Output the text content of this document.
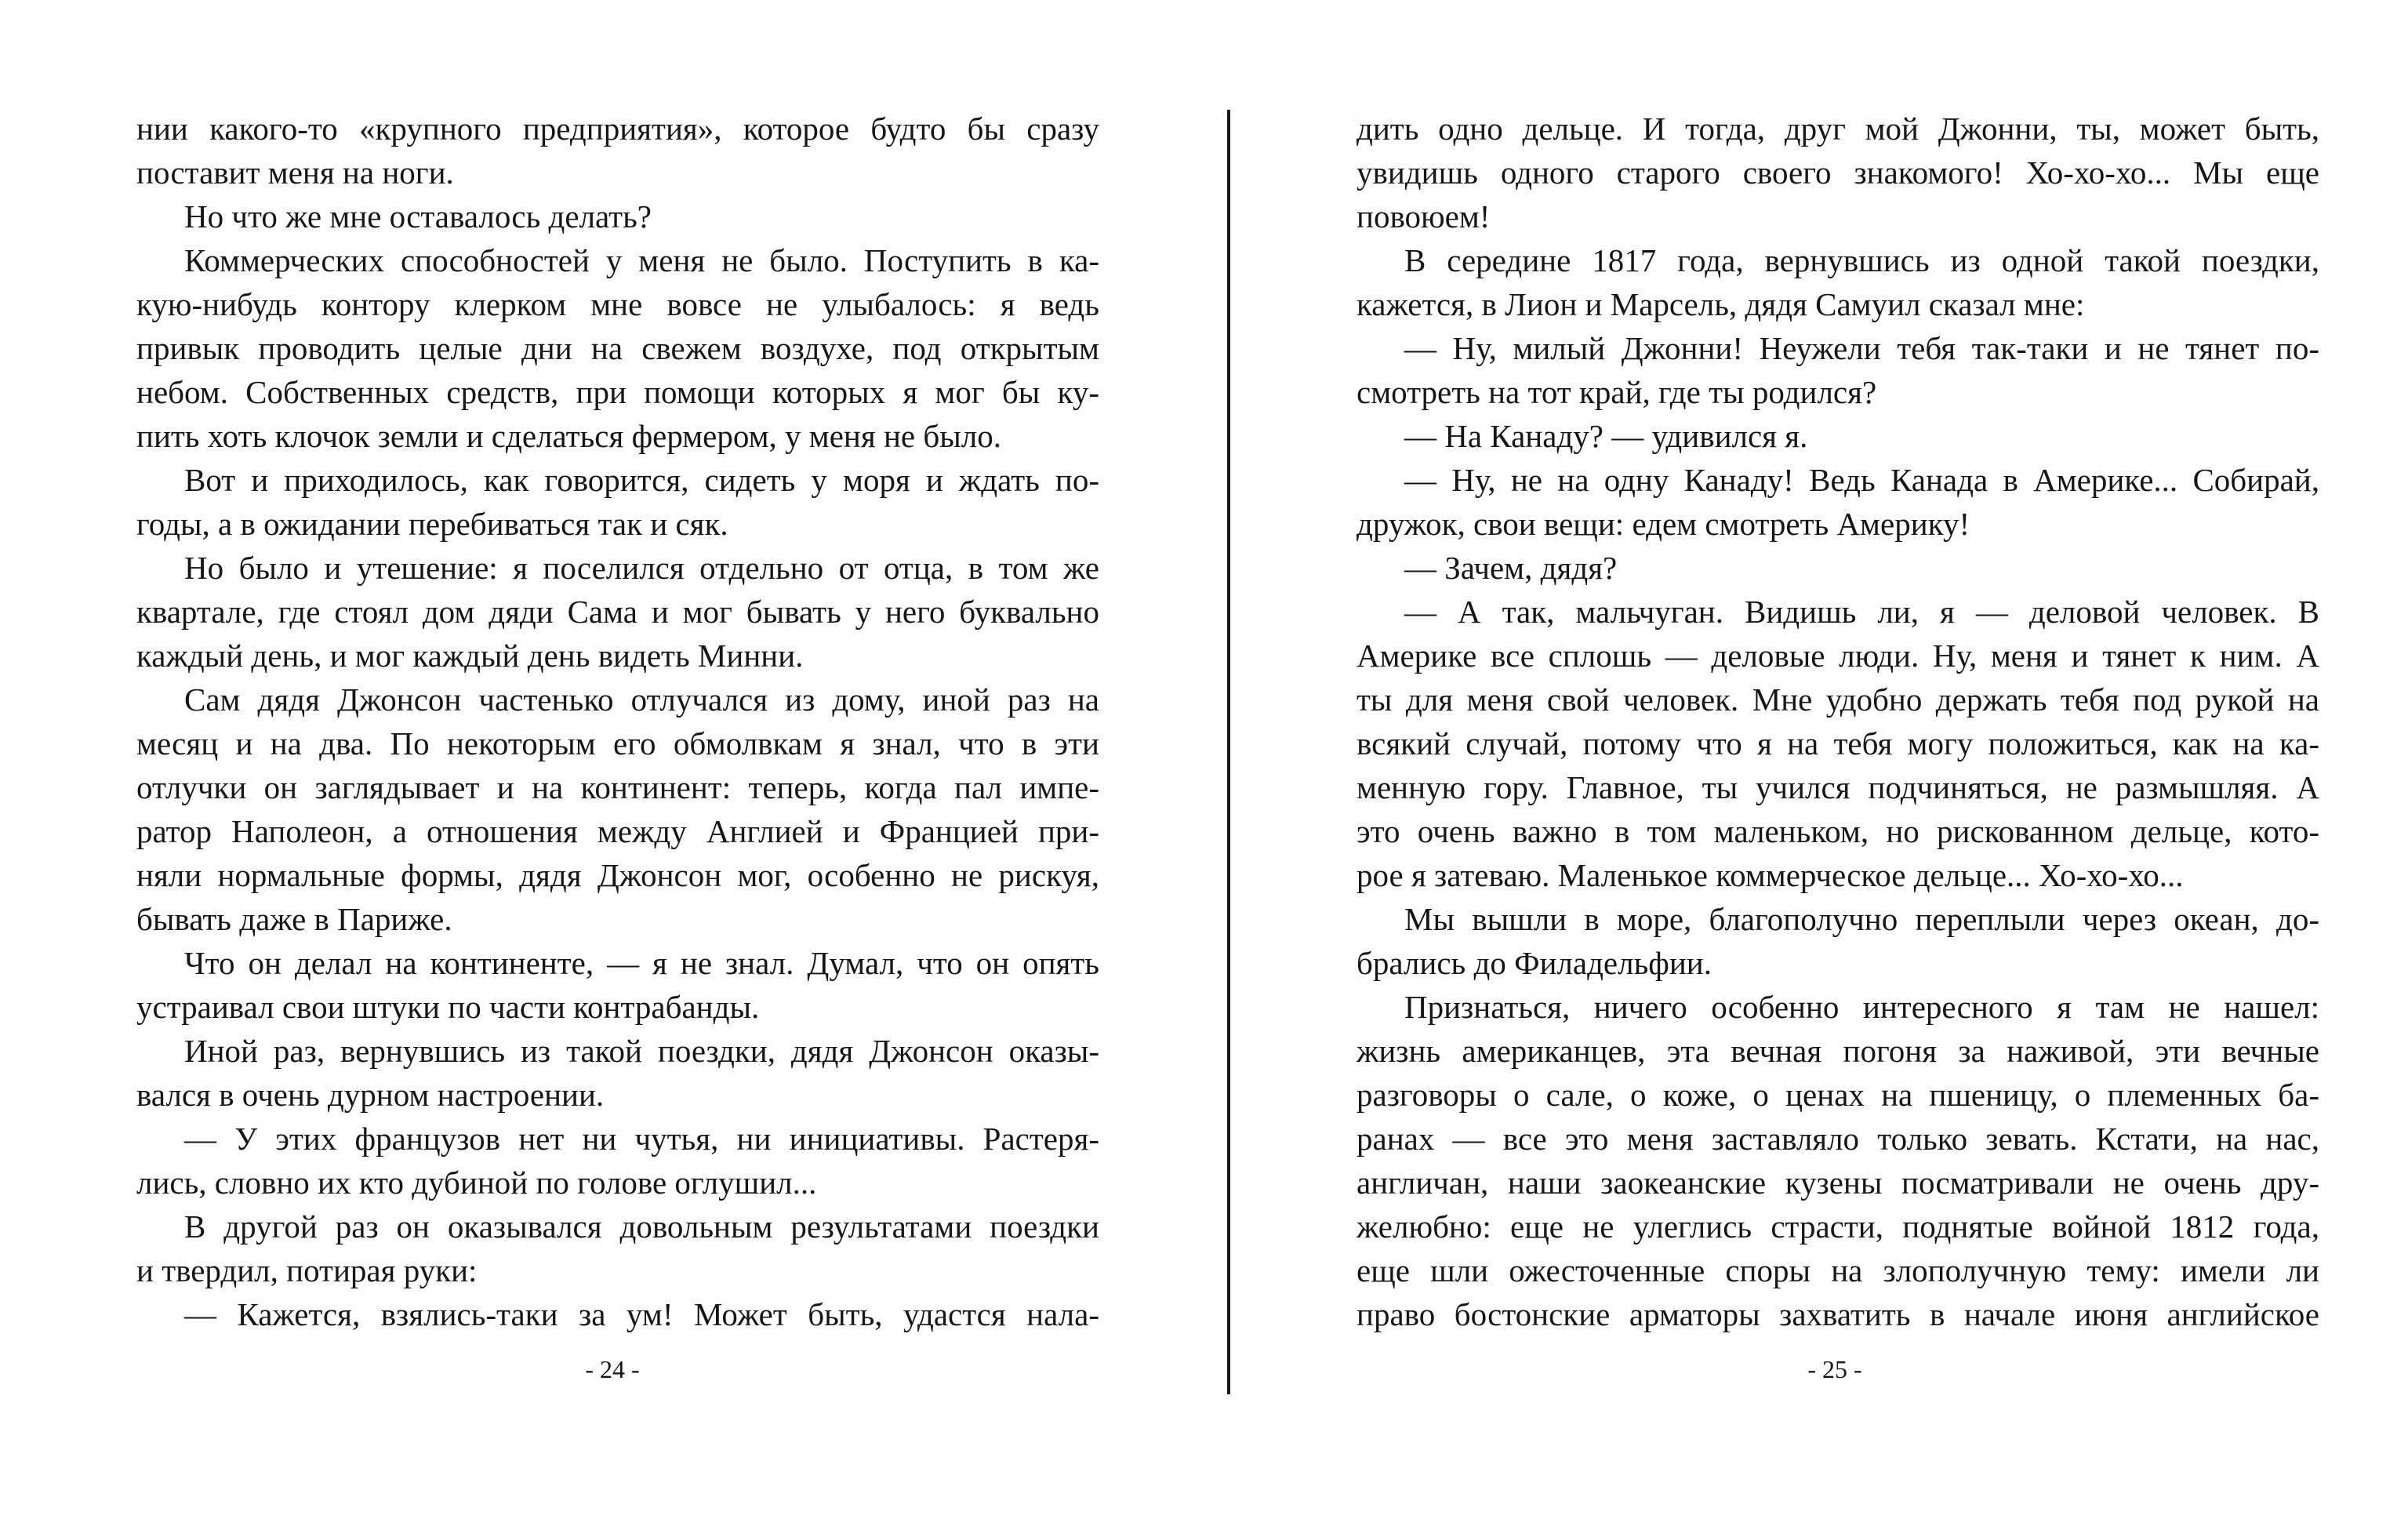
нии какого-то «крупного предприятия», которое будто бы сразу
поставит меня на ноги.
Но что же мне оставалось делать?
Коммерческих способностей у меня не было. Поступить в ка-
кую-нибудь контору клерком мне вовсе не улыбалось: я ведь
привык проводить целые дни на свежем воздухе, под открытым
небом. Собственных средств, при помощи которых я мог бы ку-
пить хоть клочок земли и сделаться фермером, у меня не было.
Вот и приходилось, как говорится, сидеть у моря и ждать по-
годы, а в ожидании перебиваться так и сяк.
Но было и утешение: я поселился отдельно от отца, в том же
квартале, где стоял дом дяди Сама и мог бывать у него буквально
каждый день, и мог каждый день видеть Минни.
Сам дядя Джонсон частенько отлучался из дому, иной раз на
месяц и на два. По некоторым его обмолвкам я знал, что в эти
отлучки он заглядывает и на континент: теперь, когда пал импе-
ратор Наполеон, а отношения между Англией и Францией при-
няли нормальные формы, дядя Джонсон мог, особенно не рискуя,
бывать даже в Париже.
Что он делал на континенте, — я не знал. Думал, что он опять
устраивал свои штуки по части контрабанды.
Иной раз, вернувшись из такой поездки, дядя Джонсон оказы-
вался в очень дурном настроении.
— У этих французов нет ни чутья, ни инициативы. Растеря-
лись, словно их кто дубиной по голове оглушил...
В другой раз он оказывался довольным результатами поездки
и твердил, потирая руки:
— Кажется, взялись-таки за ум! Может быть, удастся нала-
дить одно дельце. И тогда, друг мой Джонни, ты, может быть,
увидишь одного старого своего знакомого! Хо-хо-хо... Мы еще
повоюем!
В середине 1817 года, вернувшись из одной такой поездки,
кажется, в Лион и Марсель, дядя Самуил сказал мне:
— Ну, милый Джонни! Неужели тебя так-таки и не тянет по-
смотреть на тот край, где ты родился?
— На Канаду? — удивился я.
— Ну, не на одну Канаду! Ведь Канада в Америке... Собирай,
дружок, свои вещи: едем смотреть Америку!
— Зачем, дядя?
— А так, мальчуган. Видишь ли, я — деловой человек. В
Америке все сплошь — деловые люди. Ну, меня и тянет к ним. А
ты для меня свой человек. Мне удобно держать тебя под рукой на
всякий случай, потому что я на тебя могу положиться, как на ка-
менную гору. Главное, ты учился подчиняться, не размышляя. А
это очень важно в том маленьком, но рискованном дельце, кото-
рое я затеваю. Маленькое коммерческое дельце... Хо-хо-хо...
Мы вышли в море, благополучно переплыли через океан, до-
брались до Филадельфии.
Признаться, ничего особенно интересного я там не нашел:
жизнь американцев, эта вечная погоня за наживой, эти вечные
разговоры о сале, о коже, о ценах на пшеницу, о племенных ба-
ранах — все это меня заставляло только зевать. Кстати, на нас,
англичан, наши заокеанские кузены посматривали не очень дру-
желюбно: еще не улеглись страсти, поднятые войной 1812 года,
еще шли ожесточенные споры на злополучную тему: имели ли
право бостонские арматоры захватить в начале июня английское
- 24 -	- 25 -
